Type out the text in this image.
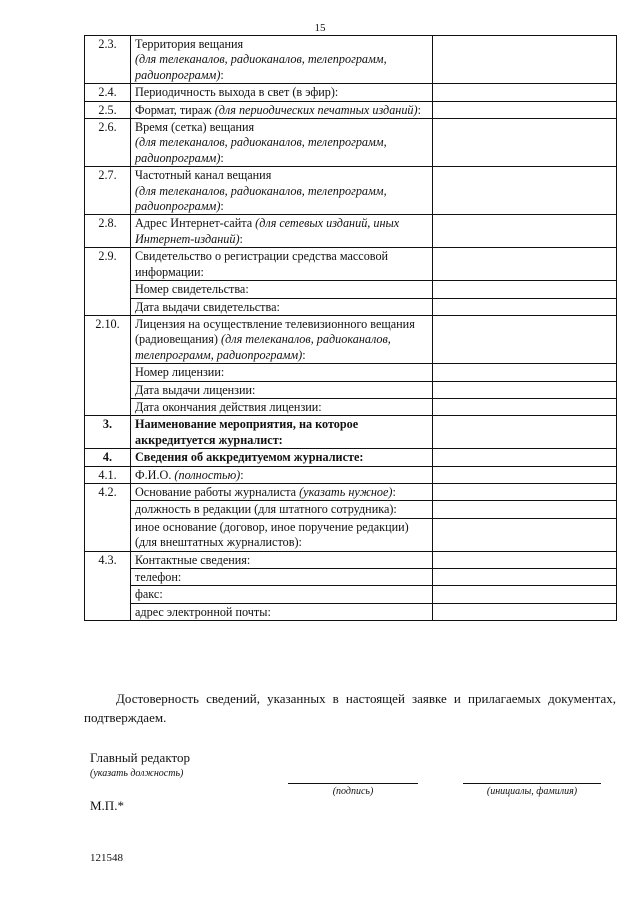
15
2.3.	Территория вещания
(для телеканалов, радиоканалов, телепрограмм, радиопрограмм):	
2.4.	Периодичность выхода в свет (в эфир):	
2.5.	Формат, тираж (для периодических печатных изданий):	
2.6.	Время (сетка) вещания
(для телеканалов, радиоканалов, телепрограмм, радиопрограмм):	
2.7.	Частотный канал вещания
(для телеканалов, радиоканалов, телепрограмм, радиопрограмм):	
2.8.	Адрес Интернет-сайта (для сетевых изданий, иных Интернет-изданий):	
2.9.	Свидетельство о регистрации средства массовой информации:	
	Номер свидетельства:	
	Дата выдачи свидетельства:	
2.10.	Лицензия на осуществление телевизионного вещания (радиовещания) (для телеканалов, радиоканалов, телепрограмм, радиопрограмм):	
	Номер лицензии:	
	Дата выдачи лицензии:	
	Дата окончания действия лицензии:	
3.	Наименование мероприятия, на которое аккредитуется журналист:	
4.	Сведения об аккредитуемом журналисте:	
4.1.	Ф.И.О. (полностью):	
4.2.	Основание работы журналиста (указать нужное):	
	должность в редакции (для штатного сотрудника):	
	иное основание (договор, иное поручение редакции) (для внештатных журналистов):	
4.3.	Контактные сведения:	
	телефон:	
	факс:	
	адрес электронной почты:	
Достоверность сведений, указанных в настоящей заявке и прилагаемых документах, подтверждаем.
Главный редактор
(указать должность)
(подпись)	(инициалы, фамилия)
М.П.*
121548
